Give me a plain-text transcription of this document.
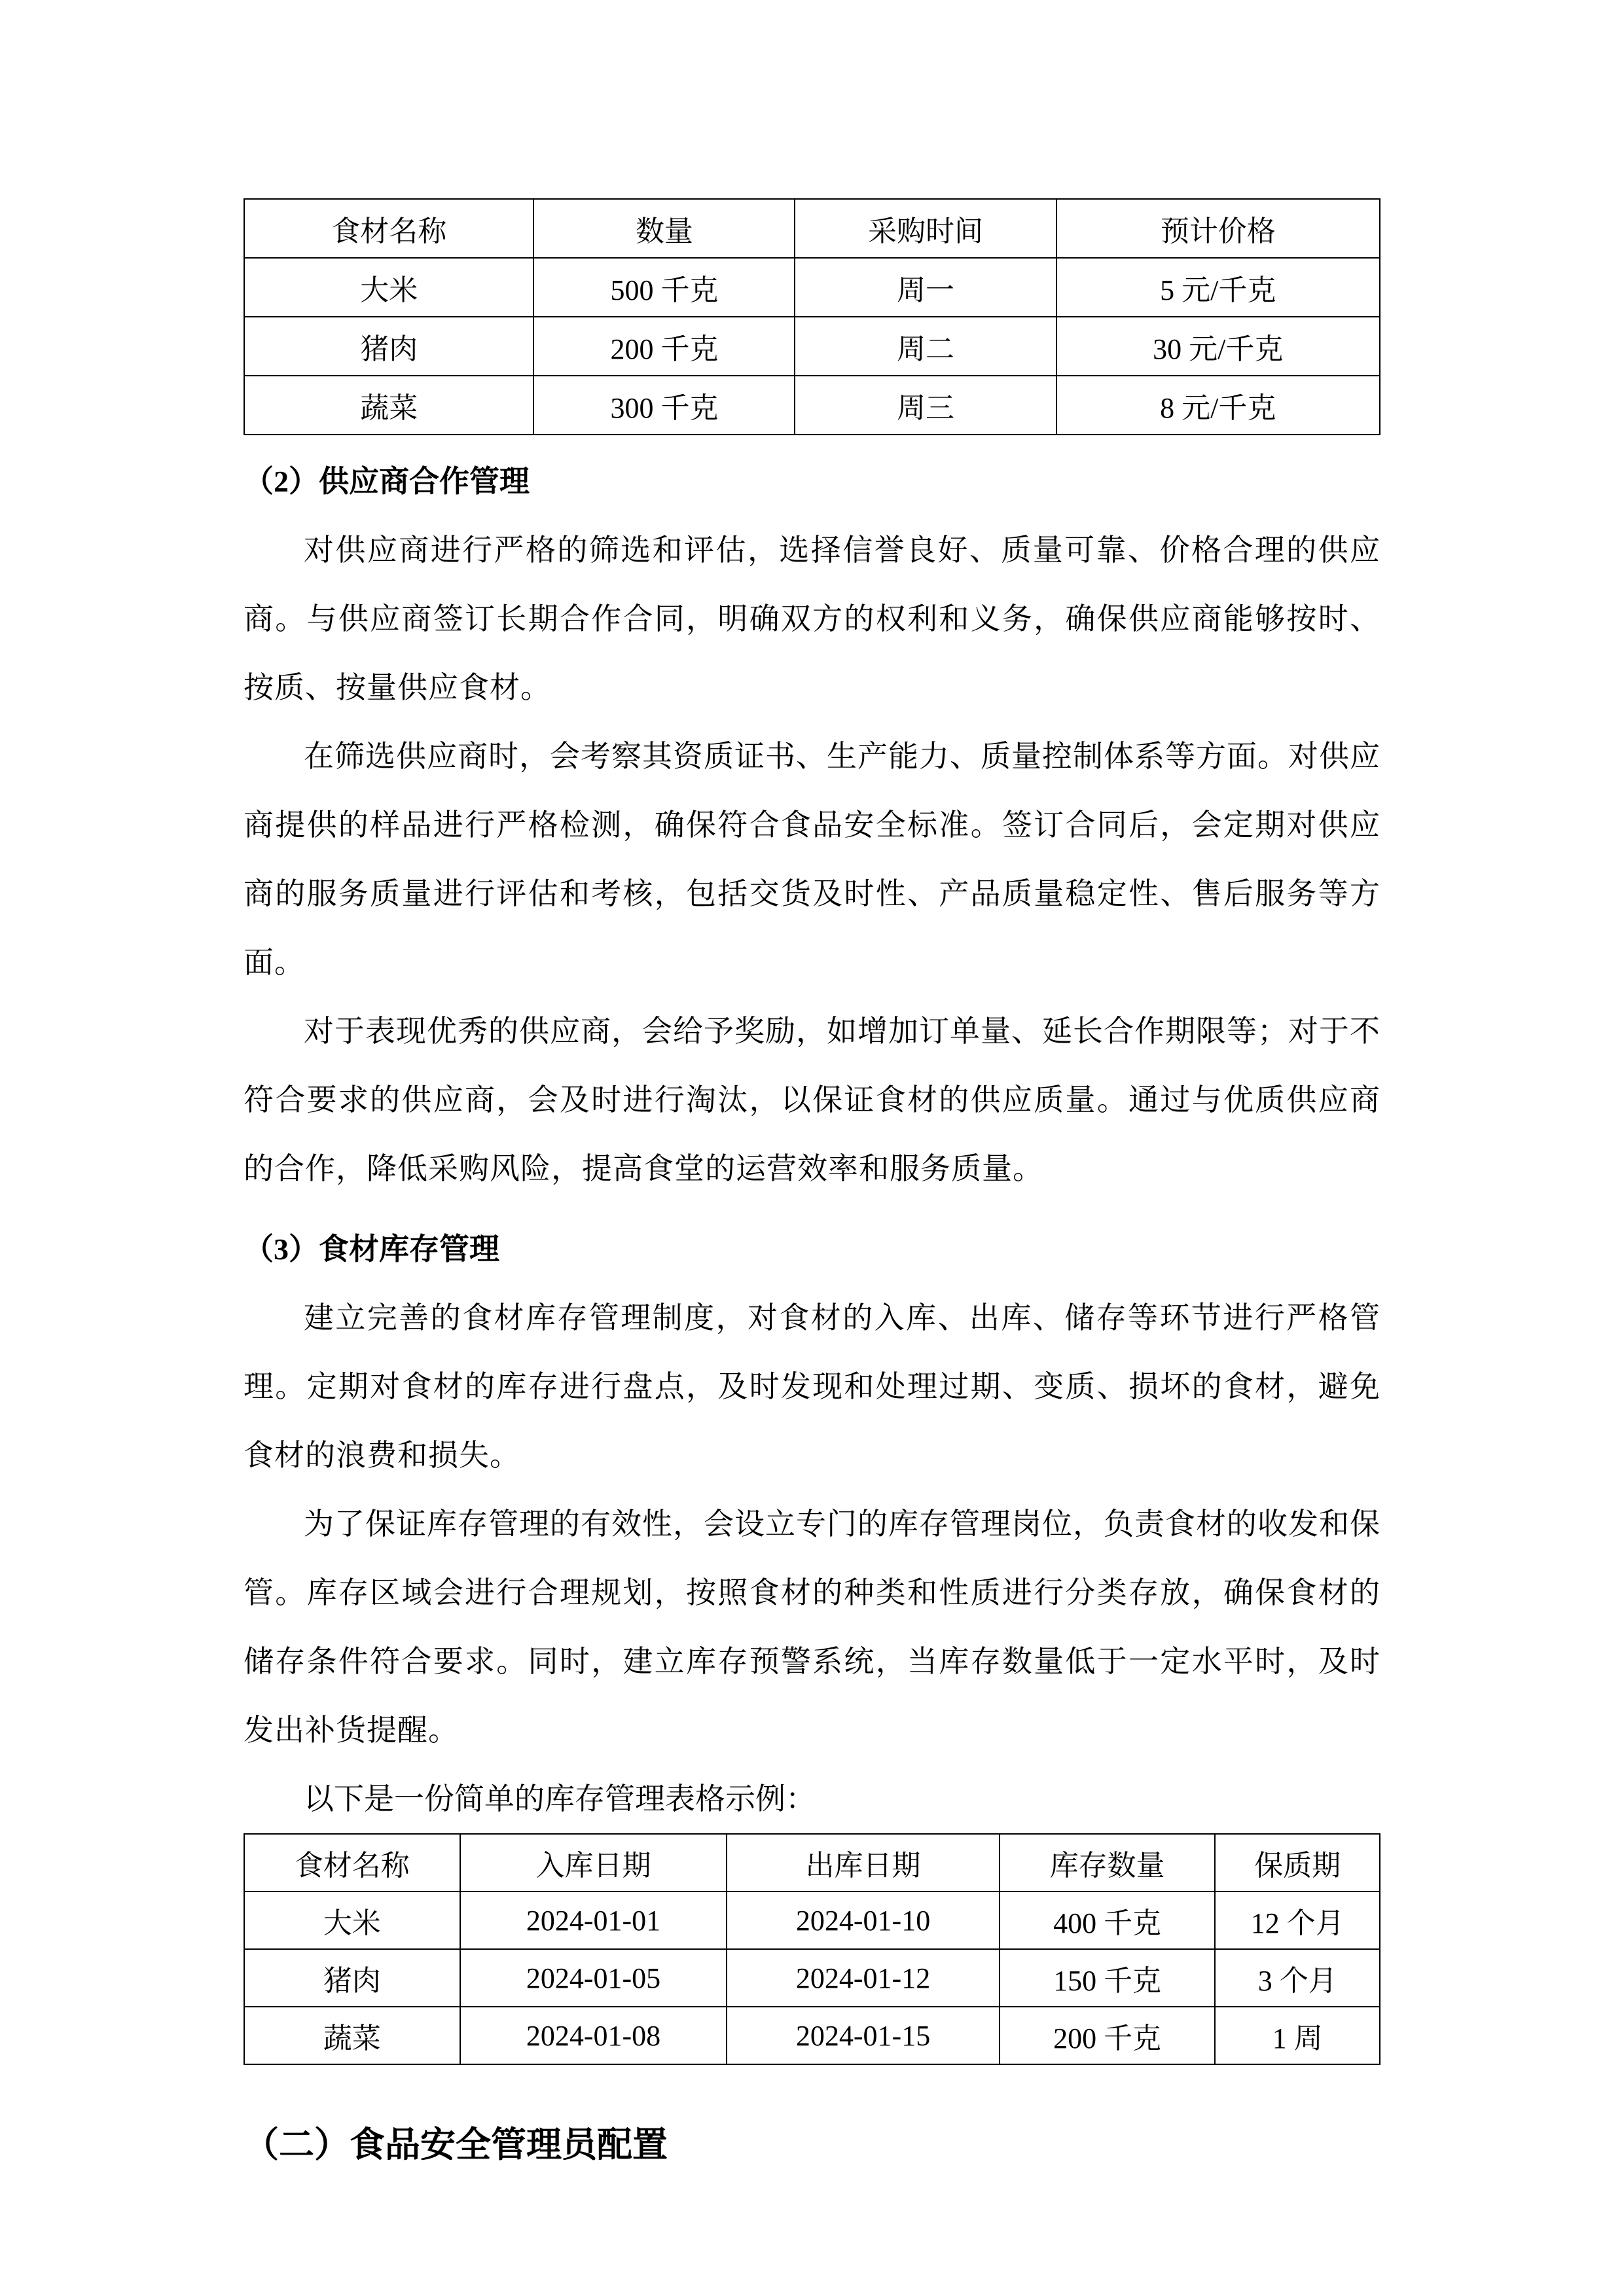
食材名称	数量	采购时间	预计价格
大米	500 千克	周一	5 元/千克
猪肉	200 千克	周二	30 元/千克
蔬菜	300 千克	周三	8 元/千克
（2）供应商合作管理

对供应商进行严格的筛选和评估，选择信誉良好、质量可靠、价格合理的供应商。与供应商签订长期合作合同，明确双方的权利和义务，确保供应商能够按时、按质、按量供应食材。

在筛选供应商时，会考察其资质证书、生产能力、质量控制体系等方面。对供应商提供的样品进行严格检测，确保符合食品安全标准。签订合同后，会定期对供应商的服务质量进行评估和考核，包括交货及时性、产品质量稳定性、售后服务等方面。

对于表现优秀的供应商，会给予奖励，如增加订单量、延长合作期限等；对于不符合要求的供应商，会及时进行淘汰，以保证食材的供应质量。通过与优质供应商的合作，降低采购风险，提高食堂的运营效率和服务质量。

（3）食材库存管理

建立完善的食材库存管理制度，对食材的入库、出库、储存等环节进行严格管理。定期对食材的库存进行盘点，及时发现和处理过期、变质、损坏的食材，避免食材的浪费和损失。

为了保证库存管理的有效性，会设立专门的库存管理岗位，负责食材的收发和保管。库存区域会进行合理规划，按照食材的种类和性质进行分类存放，确保食材的储存条件符合要求。同时，建立库存预警系统，当库存数量低于一定水平时，及时发出补货提醒。

以下是一份简单的库存管理表格示例：

食材名称	入库日期	出库日期	库存数量	保质期
大米	2024-01-01	2024-01-10	400 千克	12 个月
猪肉	2024-01-05	2024-01-12	150 千克	3 个月
蔬菜	2024-01-08	2024-01-15	200 千克	1 周
（二）食品安全管理员配置
